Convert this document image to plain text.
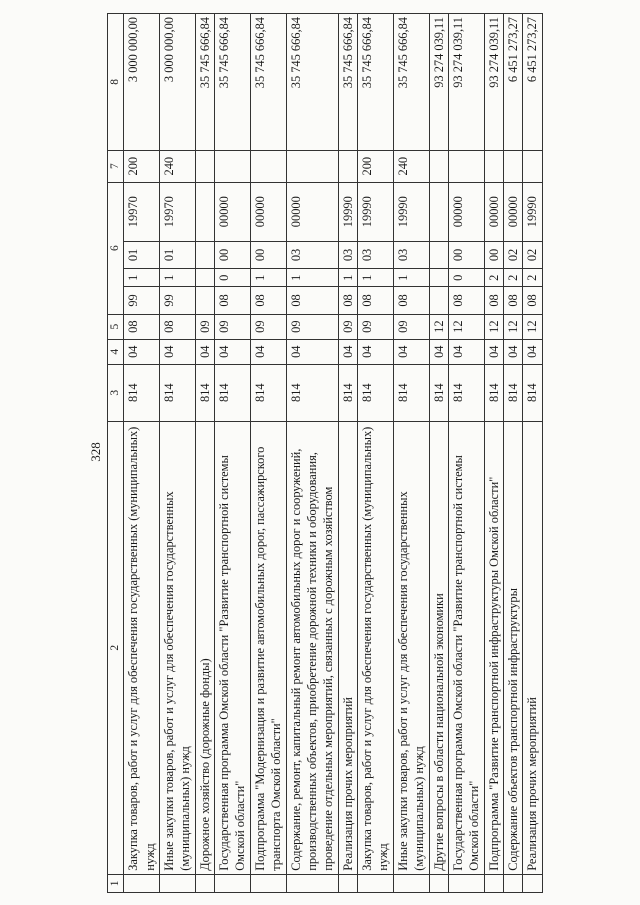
328
1	2	3	4	5	6				7	8
	Закупка товаров, работ и услуг для обеспечения государственных (муниципальных) нужд	814	04	08	99	1	01	19970	200	3 000 000,00
	Иные закупки товаров, работ и услуг для обеспечения государственных (муниципальных) нужд	814	04	08	99	1	01	19970	240	3 000 000,00
	Дорожное хозяйство (дорожные фонды)	814	04	09						35 745 666,84
	Государственная программа Омской области "Развитие транспортной системы Омской области"	814	04	09	08	0	00	00000		35 745 666,84
	Подпрограмма "Модернизация и развитие автомобильных дорог, пассажирского транспорта Омской области"	814	04	09	08	1	00	00000		35 745 666,84
	Содержание, ремонт, капитальный ремонт автомобильных дорог и сооружений, производственных объектов, приобретение дорожной техники и оборудования, проведение отдельных мероприятий, связанных с дорожным хозяйством	814	04	09	08	1	03	00000		35 745 666,84
	Реализация прочих мероприятий	814	04	09	08	1	03	19990		35 745 666,84
	Закупка товаров, работ и услуг для обеспечения государственных (муниципальных) нужд	814	04	09	08	1	03	19990	200	35 745 666,84
	Иные закупки товаров, работ и услуг для обеспечения государственных (муниципальных) нужд	814	04	09	08	1	03	19990	240	35 745 666,84
	Другие вопросы в области национальной экономики	814	04	12						93 274 039,11
	Государственная программа Омской области "Развитие транспортной системы Омской области"	814	04	12	08	0	00	00000		93 274 039,11
	Подпрограмма "Развитие транспортной инфраструктуры Омской области"	814	04	12	08	2	00	00000		93 274 039,11
	Содержание объектов транспортной инфраструктуры	814	04	12	08	2	02	00000		6 451 273,27
	Реализация прочих мероприятий	814	04	12	08	2	02	19990		6 451 273,27
